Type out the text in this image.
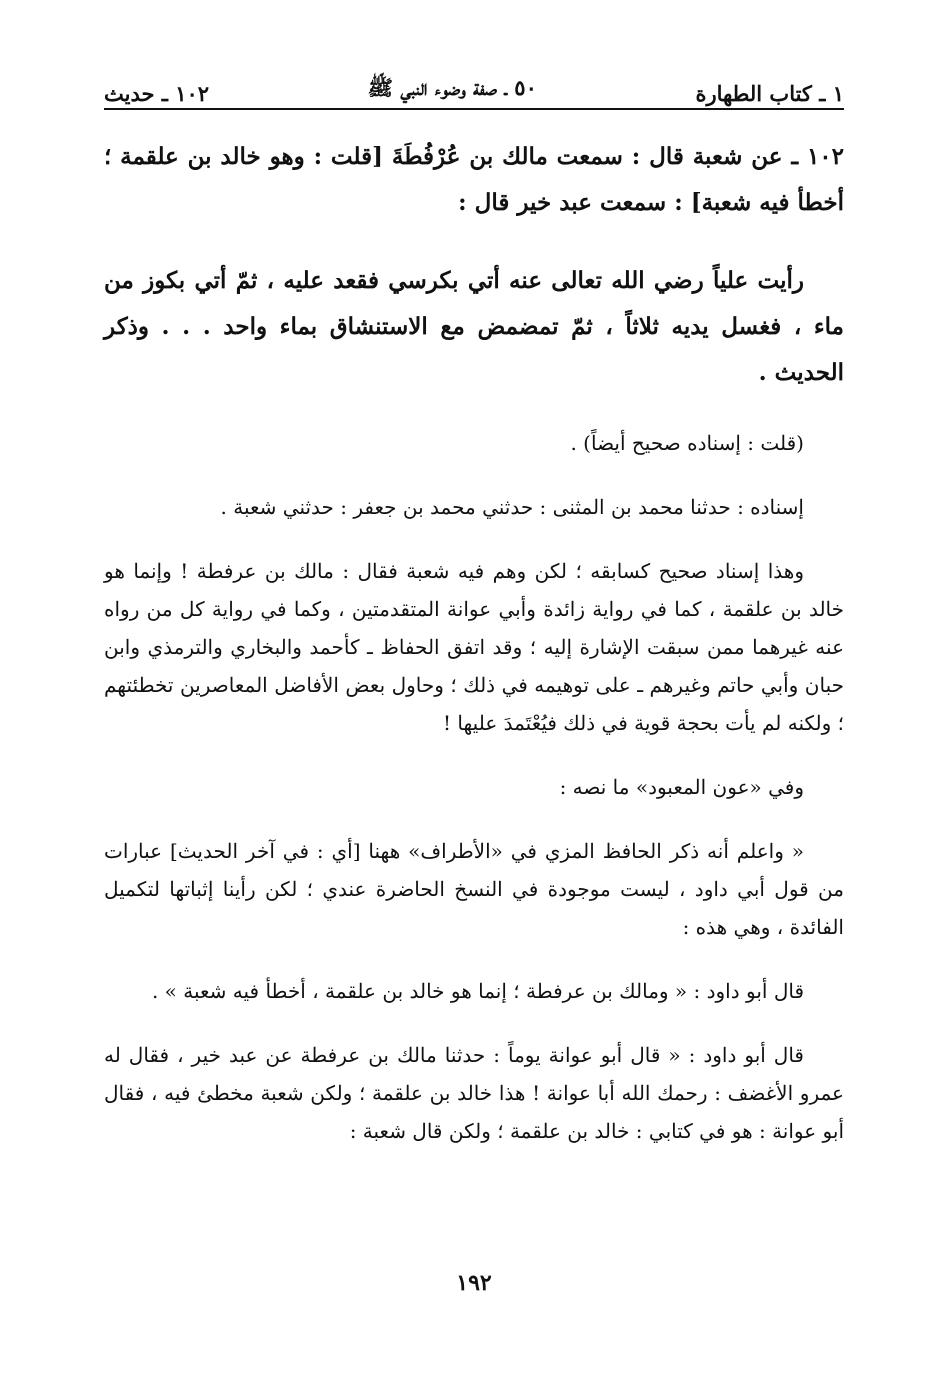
١ ـ كتاب الطهارة
٥٠ ـ صفة وضوء النبي ﷺ
١٠٢ ـ حديث
١٠٢ ـ عن شعبة قال : سمعت مالك بن عُرْفُطَةَ [قلت : وهو خالد بن علقمة ؛ أخطأ فيه شعبة] : سمعت عبد خير قال :
رأيت علياً رضي الله تعالى عنه أتي بكرسي فقعد عليه ، ثمّ أتي بكوز من ماء ، فغسل يديه ثلاثاً ، ثمّ تمضمض مع الاستنشاق بماء واحد . . . وذكر الحديث .
(قلت : إسناده صحيح أيضاً) .
إسناده : حدثنا محمد بن المثنى : حدثني محمد بن جعفر : حدثني شعبة .
وهذا إسناد صحيح كسابقه ؛ لكن وهم فيه شعبة فقال : مالك بن عرفطة ! وإنما هو خالد بن علقمة ، كما في رواية زائدة وأبي عوانة المتقدمتين ، وكما في رواية كل من رواه عنه غيرهما ممن سبقت الإشارة إليه ؛ وقد اتفق الحفاظ ـ كأحمد والبخاري والترمذي وابن حبان وأبي حاتم وغيرهم ـ على توهيمه في ذلك ؛ وحاول بعض الأفاضل المعاصرين تخطئتهم ؛ ولكنه لم يأت بحجة قوية في ذلك فيُعْتَمدَ عليها !
وفي «عون المعبود» ما نصه :
« واعلم أنه ذكر الحافظ المزي في «الأطراف» ههنا [أي : في آخر الحديث] عبارات من قول أبي داود ، ليست موجودة في النسخ الحاضرة عندي ؛ لكن رأينا إثباتها لتكميل الفائدة ، وهي هذه :
قال أبو داود : « ومالك بن عرفطة ؛ إنما هو خالد بن علقمة ، أخطأ فيه شعبة » .
قال أبو داود : « قال أبو عوانة يوماً : حدثنا مالك بن عرفطة عن عبد خير ، فقال له عمرو الأغضف : رحمك الله أبا عوانة ! هذا خالد بن علقمة ؛ ولكن شعبة مخطئ فيه ، فقال أبو عوانة : هو في كتابي : خالد بن علقمة ؛ ولكن قال شعبة :
١٩٢
